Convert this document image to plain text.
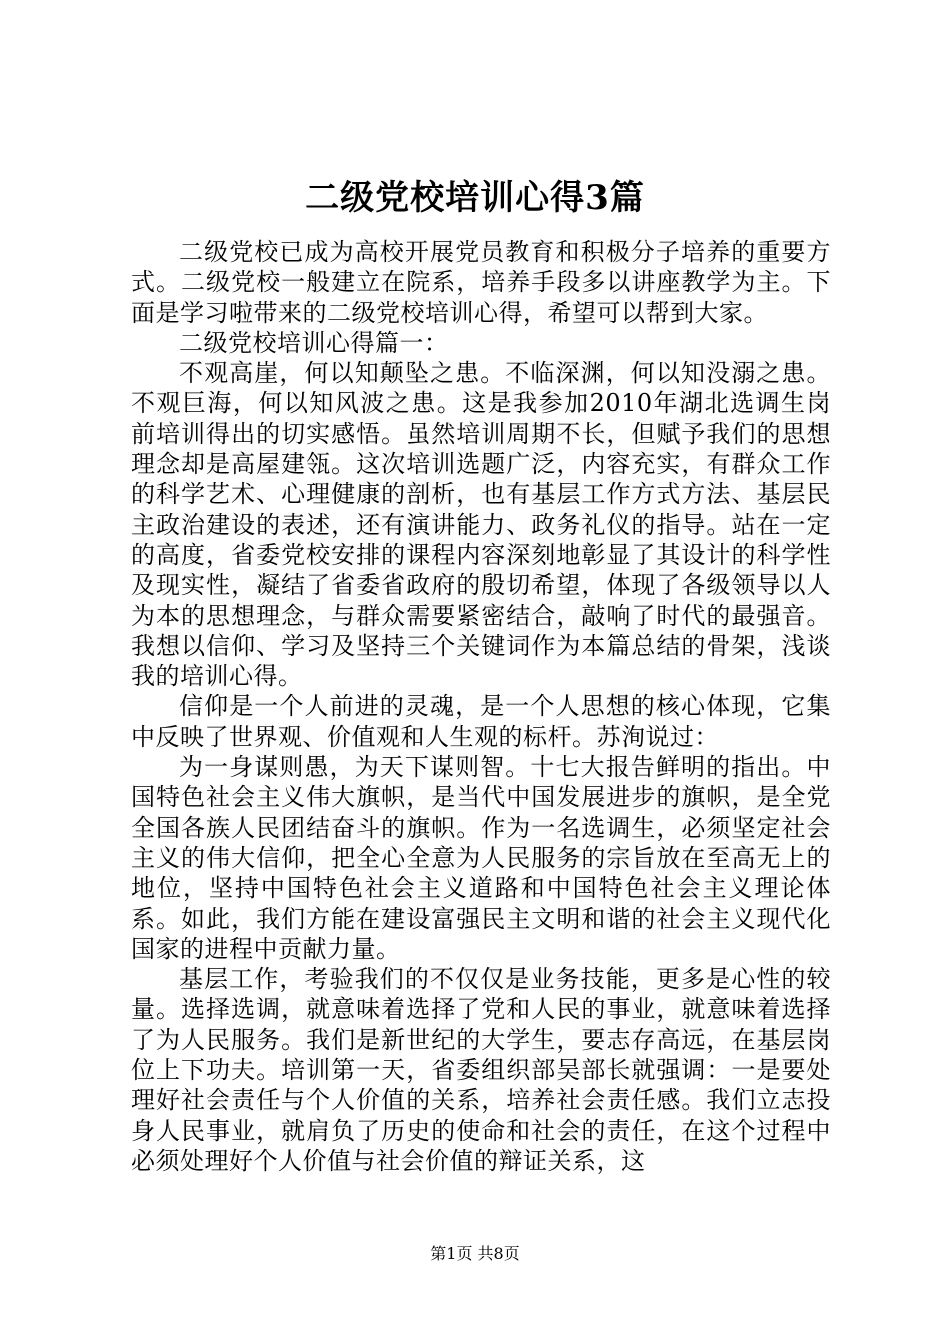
二级党校培训心得3篇

二级党校已成为高校开展党员教育和积极分子培养的重要方式。二级党校一般建立在院系，培养手段多以讲座教学为主。下面是学习啦带来的二级党校培训心得，希望可以帮到大家。

二级党校培训心得篇一：

不观高崖，何以知颠坠之患。不临深渊，何以知没溺之患。不观巨海，何以知风波之患。这是我参加2010年湖北选调生岗前培训得出的切实感悟。虽然培训周期不长，但赋予我们的思想理念却是高屋建瓴。这次培训选题广泛，内容充实，有群众工作的科学艺术、心理健康的剖析，也有基层工作方式方法、基层民主政治建设的表述，还有演讲能力、政务礼仪的指导。站在一定的高度，省委党校安排的课程内容深刻地彰显了其设计的科学性及现实性，凝结了省委省政府的殷切希望，体现了各级领导以人为本的思想理念，与群众需要紧密结合，敲响了时代的最强音。我想以信仰、学习及坚持三个关键词作为本篇总结的骨架，浅谈我的培训心得。

信仰是一个人前进的灵魂，是一个人思想的核心体现，它集中反映了世界观、价值观和人生观的标杆。苏洵说过：

为一身谋则愚，为天下谋则智。十七大报告鲜明的指出。中国特色社会主义伟大旗帜，是当代中国发展进步的旗帜，是全党全国各族人民团结奋斗的旗帜。作为一名选调生，必须坚定社会主义的伟大信仰，把全心全意为人民服务的宗旨放在至高无上的地位，坚持中国特色社会主义道路和中国特色社会主义理论体系。如此，我们方能在建设富强民主文明和谐的社会主义现代化国家的进程中贡献力量。

基层工作，考验我们的不仅仅是业务技能，更多是心性的较量。选择选调，就意味着选择了党和人民的事业，就意味着选择了为人民服务。我们是新世纪的大学生，要志存高远，在基层岗位上下功夫。培训第一天，省委组织部吴部长就强调：一是要处理好社会责任与个人价值的关系，培养社会责任感。我们立志投身人民事业，就肩负了历史的使命和社会的责任，在这个过程中必须处理好个人价值与社会价值的辩证关系，这

第1页 共8页
